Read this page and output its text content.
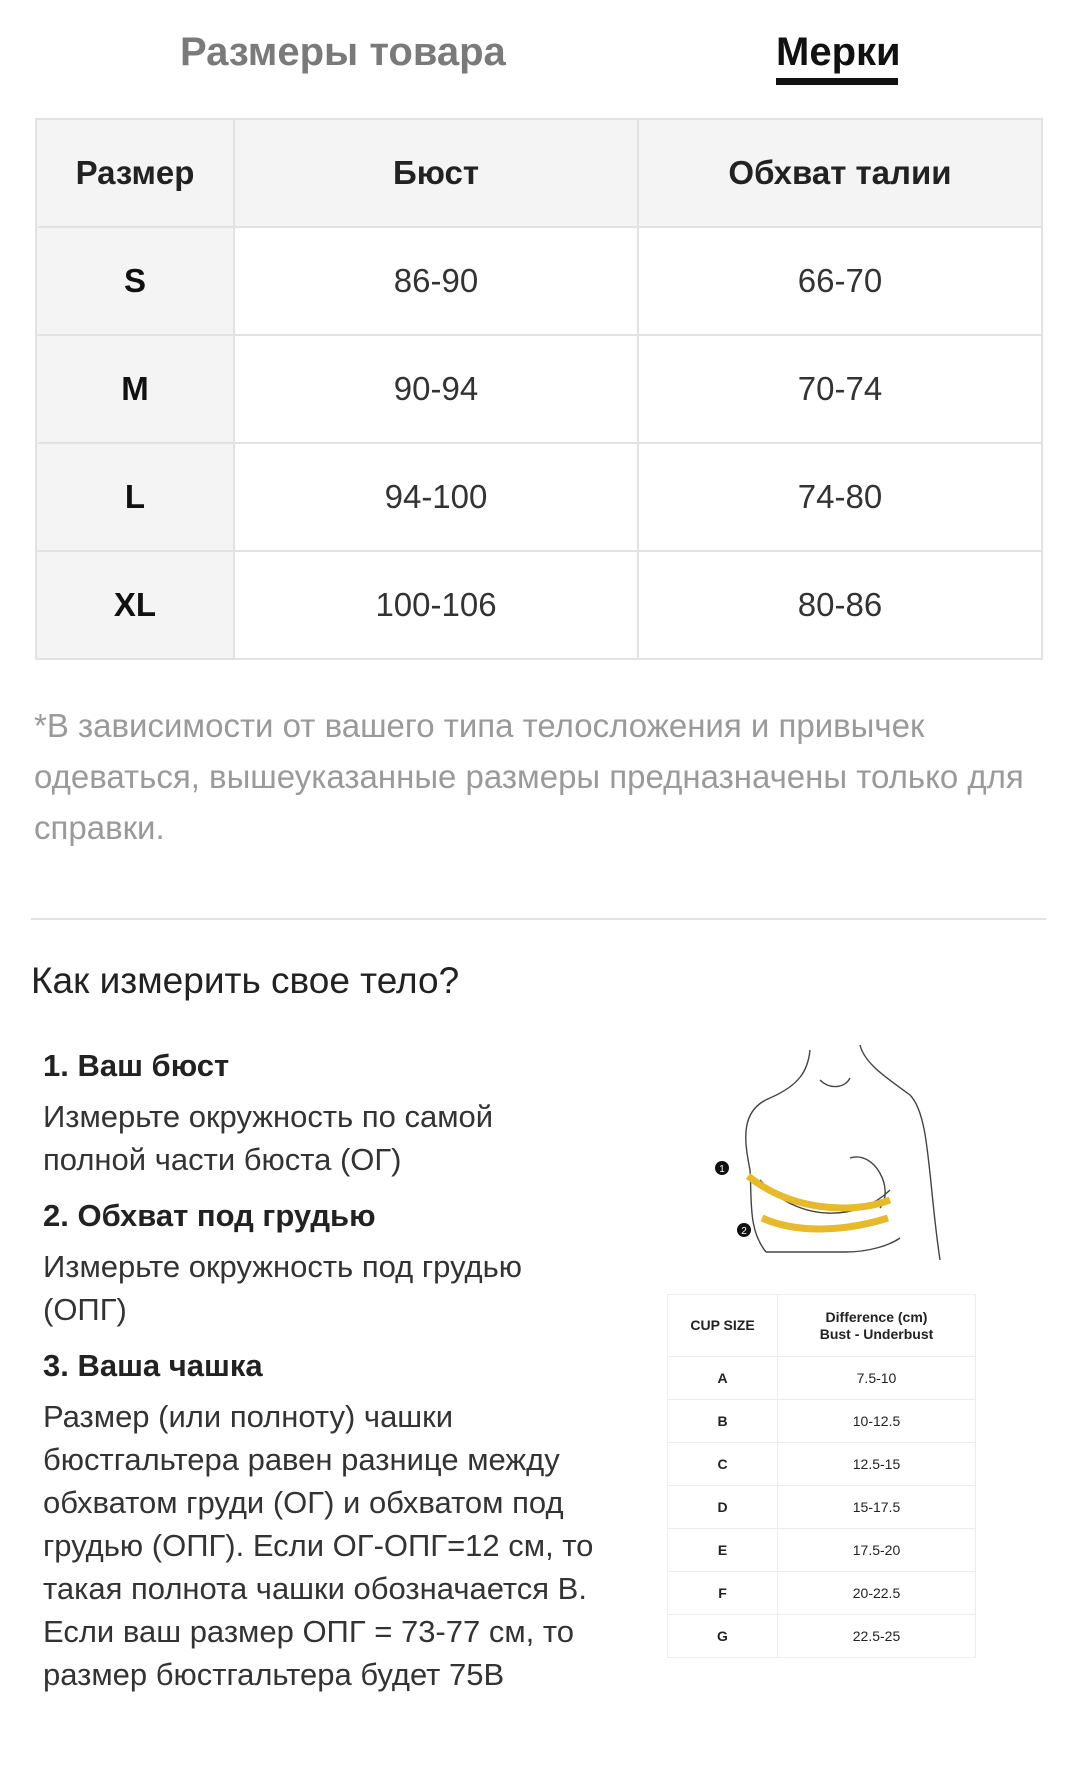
Размеры товара	Мерки
Размер	Бюст	Обхват талии
S	86-90	66-70
M	90-94	70-74
L	94-100	74-80
XL	100-106	80-86
*В зависимости от вашего типа телосложения и привычек одеваться, вышеуказанные размеры предназначены только для справки.
Как измерить свое тело?
1. Ваш бюст
Измерьте окружность по самой полной части бюста (ОГ)
2. Обхват под грудью
Измерьте окружность под грудью (ОПГ)
3. Ваша чашка
Размер (или полноту) чашки бюстгальтера равен разнице между обхватом груди (ОГ) и обхватом под грудью (ОПГ). Если ОГ-ОПГ=12 см, то такая полнота чашки обозначается В. Если ваш размер ОПГ = 73-77 см, то размер бюстгальтера будет 75В
1
2
CUP SIZE	Difference (cm)
Bust - Underbust

A	7.5-10
B	10-12.5
C	12.5-15
D	15-17.5
E	17.5-20
F	20-22.5
G	22.5-25
